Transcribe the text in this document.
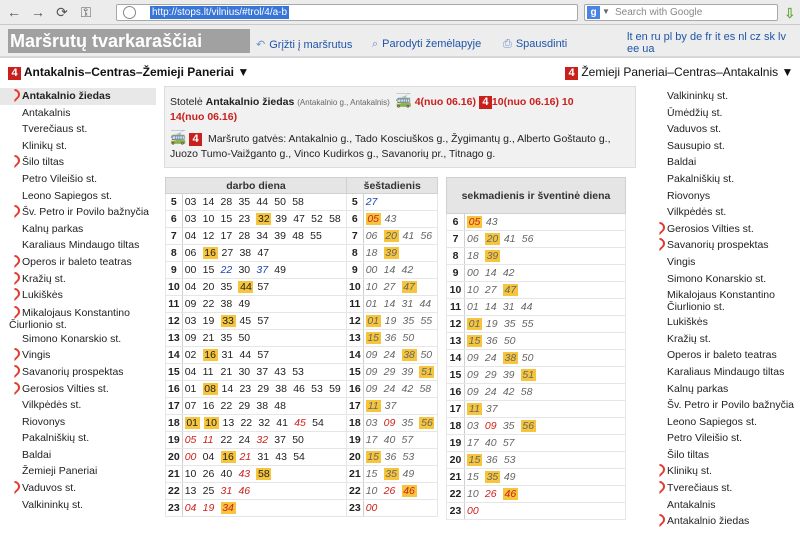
← → ⟳ ⚿	http://stops.lt/vilnius/#trol/4/a-b	g ▼ Search with Google	⇩
Maršrutų tvarkaraščiai	↶ Grįžti į maršrutus ⌕ Parodyti žemėlapyje ⎙ Spausdinti
lt en ru pl by de fr it es nl cz sk lv ee ua
4 Antakalnis–Centras–Žemieji Paneriai ▼	4 Žemieji Paneriai–Centras–Antakalnis ▼
Antakalnio žiedas
Antakalnis
Tverečiaus st.
Klinikų st.
Šilo tiltas
Petro Vileišio st.
Leono Sapiegos st.
Šv. Petro ir Povilo bažnyčia
Kalnų parkas
Karaliaus Mindaugo tiltas
Operos ir baleto teatras
Kražių st.
Lukiškės
Mikalojaus Konstantino Čiurlionio st.
Simono Konarskio st.
Vingis
Savanorių prospektas
Gerosios Vilties st.
Vilkpėdės st.
Riovonys
Pakalniškių st.
Baldai
Žemieji Paneriai
Vaduvos st.
Valkininkų st.
Valkininkų st.
Ūmėdžių st.
Vaduvos st.
Sausupio st.
Baldai
Pakalniškių st.
Riovonys
Vilkpėdės st.
Gerosios Vilties st.
Savanorių prospektas
Vingis
Simono Konarskio st.
Mikalojaus Konstantino Čiurlionio st.
Lukiškės
Kražių st.
Operos ir baleto teatras
Karaliaus Mindaugo tiltas
Kalnų parkas
Šv. Petro ir Povilo bažnyčia
Leono Sapiegos st.
Petro Vileišio st.
Šilo tiltas
Klinikų st.
Tverečiaus st.
Antakalnis
Antakalnio žiedas
Stotelė Antakalnio žiedas (Antakalnio g., Antakalnis) 🚎 4(nuo 06.16) 4 10(nuo 06.16) 10
14(nuo 06.16)
🚎 4 Maršruto gatvės: Antakalnio g., Tado Kosciuškos g., Žygimantų g., Alberto Goštauto g., Juozo Tumo-Vaižganto g., Vinco Kudirkos g., Savanorių pr., Titnago g.
darbo diena	
5	03 14 28 35 44 50 58
6	03 10 15 23 32 39 47 52 58
7	04 12 17 28 34 39 48 55
8	06 16 27 38 47
9	00 15 22 30 37 49
10	04 20 35 44 57
11	09 22 38 49
12	03 19 33 45 57
13	09 21 35 50
14	02 16 31 44 57
15	04 11 21 30 37 43 53
16	01 08 14 23 29 38 46 53 59
17	07 16 22 29 38 48
18	01 10 13 22 32 41 45 54
19	05 11 22 24 32 37 50
20	00 04 16 21 31 43 54
21	10 26 40 43 58
22	13 25 31 46
23	04 19 34
šeštadienis	
5	27
6	05 43
7	06 20 41 56
8	18 39
9	00 14 42
10	10 27 47
11	01 14 31 44
12	01 19 35 55
13	15 36 50
14	09 24 38 50
15	09 29 39 51
16	09 24 42 58
17	11 37
18	03 09 35 56
19	17 40 57
20	15 36 53
21	15 35 49
22	10 26 46
23	00
sekmadienis ir šventinė diena	
6	05 43
7	06 20 41 56
8	18 39
9	00 14 42
10	10 27 47
11	01 14 31 44
12	01 19 35 55
13	15 36 50
14	09 24 38 50
15	09 29 39 51
16	09 24 42 58
17	11 37
18	03 09 35 56
19	17 40 57
20	15 36 53
21	15 35 49
22	10 26 46
23	00
